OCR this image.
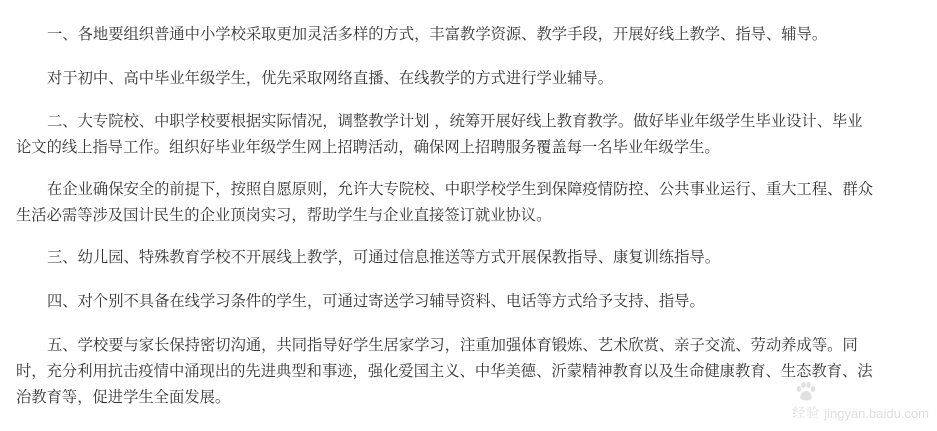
一、各地要组织普通中小学校采取更加灵活多样的方式，丰富教学资源、教学手段，开展好线上教学、指导、辅导。

对于初中、高中毕业年级学生，优先采取网络直播、在线教学的方式进行学业辅导。

二、大专院校、中职学校要根据实际情况，调整教学计划 ，统筹开展好线上教育教学。做好毕业年级学生毕业设计、毕业
论文的线上指导工作。组织好毕业年级学生网上招聘活动，确保网上招聘服务覆盖每一名毕业年级学生。

在企业确保安全的前提下，按照自愿原则，允许大专院校、中职学校学生到保障疫情防控、公共事业运行、重大工程、群众
生活必需等涉及国计民生的企业顶岗实习，帮助学生与企业直接签订就业协议。

三、幼儿园、特殊教育学校不开展线上教学，可通过信息推送等方式开展保教指导、康复训练指导。

四、对个别不具备在线学习条件的学生，可通过寄送学习辅导资料、电话等方式给予支持、指导。

五、学校要与家长保持密切沟通，共同指导好学生居家学习，注重加强体育锻炼、艺术欣赏、亲子交流、劳动养成等。同
时，充分利用抗击疫情中涌现出的先进典型和事迹，强化爱国主义、中华美德、沂蒙精神教育以及生命健康教育、生态教育、法
治教育等，促进学生全面发展。

经验 jingyan.baidu.com
